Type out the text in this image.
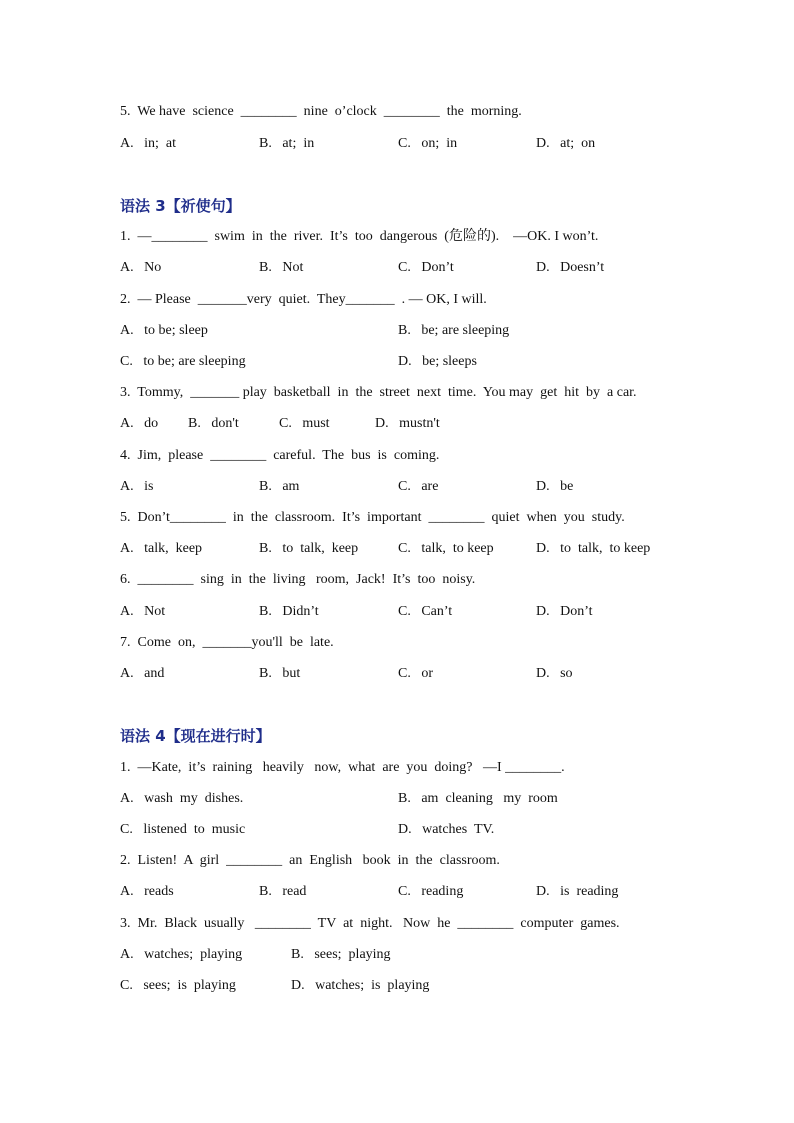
5.  We have  science  ________  nine  o’clock  ________  the  morning.
A.   in;  at	B.   at;  in	C.   on;  in	D.   at;  on
语法 3【祈使句】
1.  —________  swim  in  the  river.  It’s  too  dangerous  (危险的).    —OK. I won’t.
A.   No	B.   Not	C.   Don’t	D.   Doesn’t
2.  — Please  _______very  quiet.  They_______  . — OK, I will.
A.   to be; sleep	B.   be; are sleeping
C.   to be; are sleeping	D.   be; sleeps
3.  Tommy,  _______ play  basketball  in  the  street  next  time.  You may  get  hit  by  a car.
A.   do B.   don't	C.   must	D.   mustn't
4.  Jim,  please  ________  careful.  The  bus  is  coming.
A.   is	B.   am	C.   are	D.   be
5.  Don’t________  in  the  classroom.  It’s  important  ________  quiet  when  you  study.
A.   talk,  keep	B.   to  talk,  keep	C.   talk,  to keep	D.   to  talk,  to keep
6.  ________  sing  in  the  living   room,  Jack!  It’s  too  noisy.
A.   Not	B.   Didn’t	C.   Can’t	D.   Don’t
7.  Come  on,  _______you'll  be  late.
A.   and	B.   but	C.   or	D.   so
语法 4【现在进行时】
1.  —Kate,  it’s  raining   heavily   now,  what  are  you  doing?   —I ________.
A.   wash  my  dishes.	B.   am  cleaning   my  room
C.   listened  to  music	D.   watches  TV.
2.  Listen!  A  girl  ________  an  English   book  in  the  classroom.
A.   reads	B.   read	C.   reading	D.   is  reading
3.  Mr.  Black  usually   ________  TV  at  night.   Now  he  ________  computer  games.
A.   watches;  playing	B.   sees;  playing
C.   sees;  is  playing	D.   watches;  is  playing
